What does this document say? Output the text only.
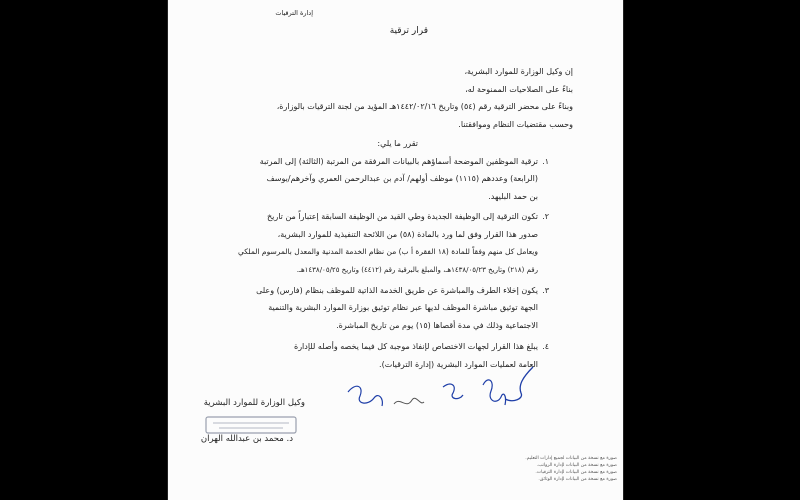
إدارة الترقيات
قرار ترقية
إن وكيل الوزارة للموارد البشرية،
بناءً على الصلاحيات الممنوحة له،
وبناءً على محضر الترقية رقم (٥٤) وتاريخ ١٤٤٢/٠٢/١٦هـ المؤيد من لجنة الترقيات بالوزارة،
وحسب مقتضيات النظام وموافقتنا.
تقرر ما يلي:
١.
ترقية الموظفين الموضحة أسماؤهم بالبيانات المرفقة من المرتبة (الثالثة) إلى المرتبة
(الرابعة) وعددهم (١١١٥) موظف أولهم/ آدم بن عبدالرحمن العمري وآخرهم/يوسف
بن حمد البليهد.
٢.
تكون الترقية إلى الوظيفة الجديدة وطي القيد من الوظيفة السابقة إعتباراً من تاريخ
صدور هذا القرار وفق لما ورد بالمادة (٥٨) من اللائحة التنفيذية للموارد البشرية،
ويعامل كل منهم وفقاً للمادة (١٨ الفقرة أ ب) من نظام الخدمة المدنية والمعدل بالمرسوم الملكي
رقم (٢١٨) وتاريخ ١٤٣٨/٠٥/٢٣هـ، والمبلغ بالبرقية رقم (٤٤١٢) وتاريخ ١٤٣٨/٠٥/٢٥هـ.
٣.
يكون إخلاء الطرف والمباشرة عن طريق الخدمة الذاتية للموظف بنظام (فارس) وعلى
الجهة توثيق مباشرة الموظف لديها عبر نظام توثيق بوزارة الموارد البشرية والتنمية
الاجتماعية وذلك في مدة أقصاها (١٥) يوم من تاريخ المباشرة.
٤.
يبلغ هذا القرار لجهات الاختصاص لإنفاذ موجبة كل فيما يخصه وأصله للإدارة
العامة لعمليات الموارد البشرية (إدارة الترقيات).
وكيل الوزارة للموارد البشرية
د. محمد بن عبدالله الهران
صورة مع نسخة من البيانات لجميع إدارات التعليم.
صورة مع نسخة من البيانات لإدارة الرواتب.
صورة مع نسخة من البيانات لإدارة الترقيات.
صورة مع نسخة من البيانات لإدارة الوثائق.
